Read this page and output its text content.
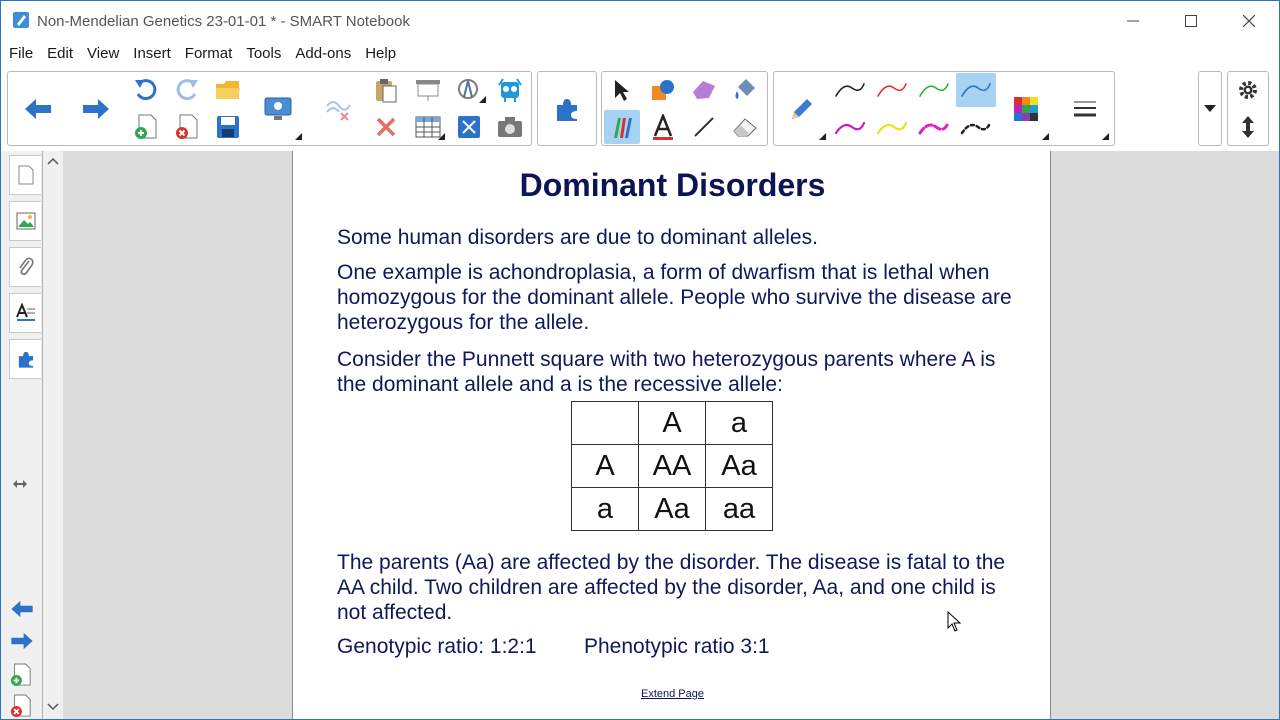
Non-Mendelian Genetics 23-01-01 * - SMART Notebook
File Edit View Insert Format Tools Add-ons Help
Dominant Disorders
Some human disorders are due to dominant alleles.
One example is achondroplasia, a form of dwarfism that is lethal when homozygous for the dominant allele. People who survive the disease are heterozygous for the allele.
Consider the Punnett square with two heterozygous parents where A is the dominant allele and a is the recessive allele:
	A	a
A	AA	Aa
a	Aa	aa
The parents (Aa) are affected by the disorder. The disease is fatal to the AA child. Two children are affected by the disorder, Aa, and one child is not affected.
Genotypic ratio: 1:2:1 Phenotypic ratio 3:1
Extend Page
